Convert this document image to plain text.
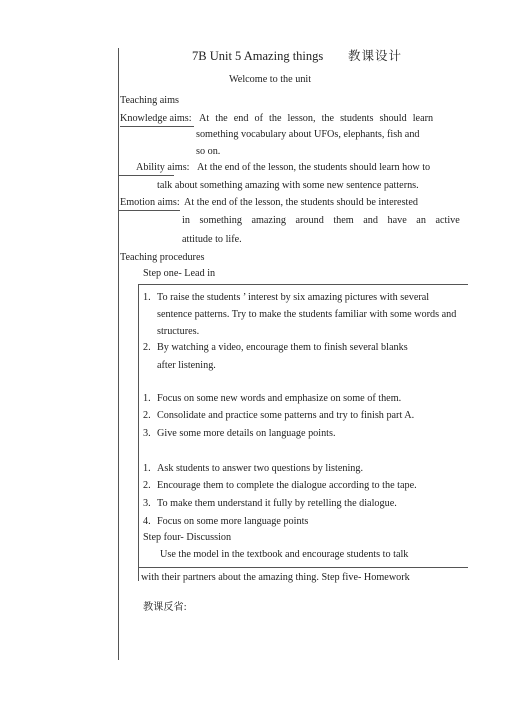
7B Unit 5 Amazing things 教课设计
Welcome to the unit
Teaching aims
Knowledge aims: At the end of the lesson, the students should learn
something vocabulary about UFOs, elephants, fish and
so on.
Ability aims: At the end of the lesson, the students should learn how to
talk about something amazing with some new sentence patterns.
Emotion aims: At the end of the lesson, the students should be interested
in something amazing around them and have an active
attitude to life.
Teaching procedures
Step one- Lead in
1. To raise the students ’ interest by six amazing pictures with several
sentence patterns. Try to make the students familiar with some words and
structures.
2. By watching a video, encourage them to finish several blanks
after listening.
1. Focus on some new words and emphasize on some of them.
2. Consolidate and practice some patterns and try to finish part A.
3. Give some more details on language points.
1. Ask students to answer two questions by listening.
2. Encourage them to complete the dialogue according to the tape.
3. To make them understand it fully by retelling the dialogue.
4. Focus on some more language points
Step four- Discussion
Use the model in the textbook and encourage students to talk
with their partners about the amazing thing. Step five- Homework
教课反省:
